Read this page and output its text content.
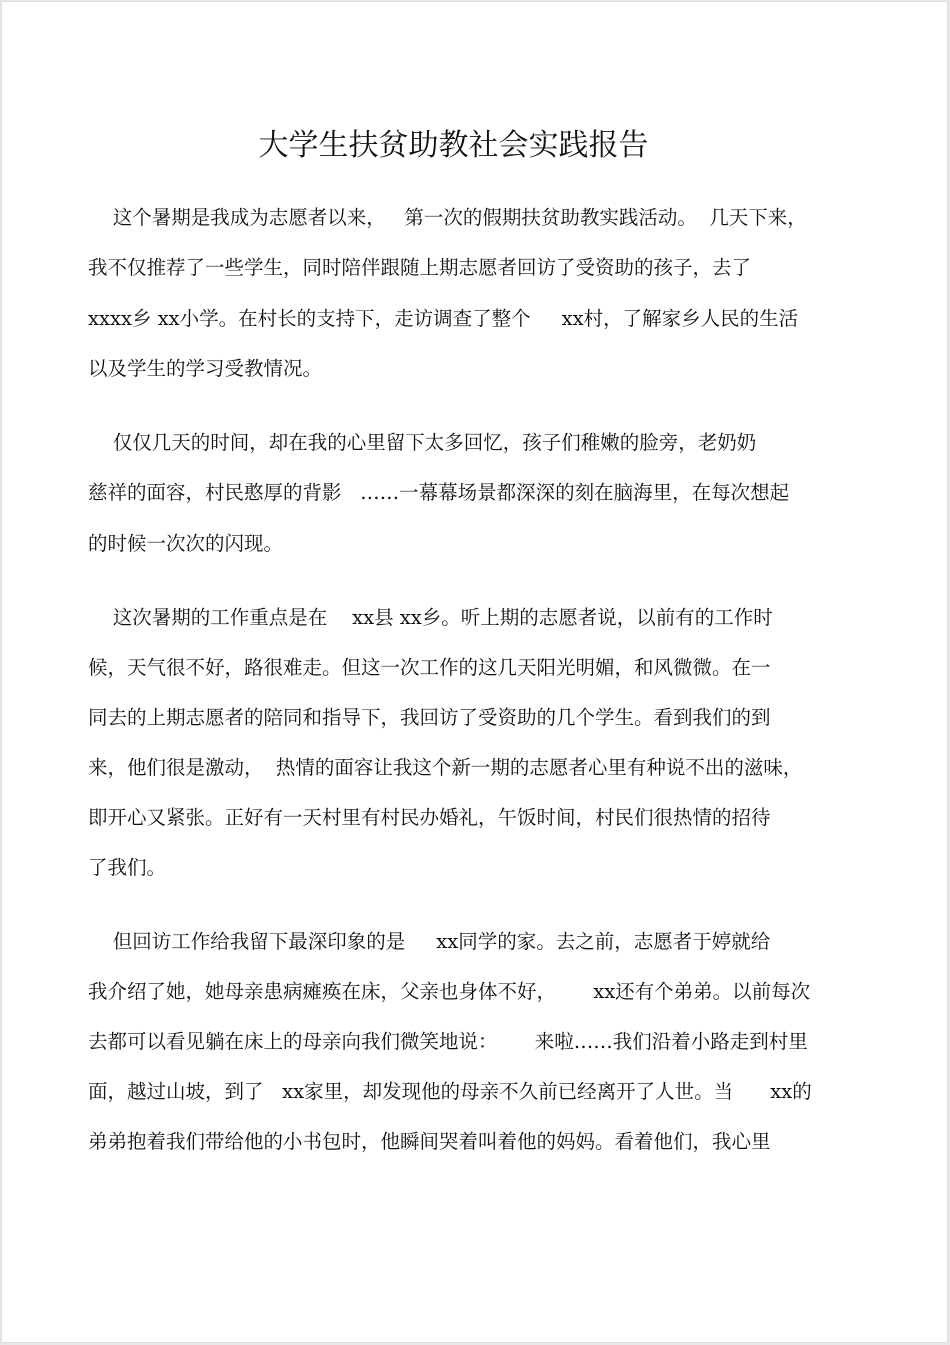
大学生扶贫助教社会实践报告

这个暑期是我成为志愿者以来，   第一次的假期扶贫助教实践活动。  几天下来，

我不仅推荐了一些学生，同时陪伴跟随上期志愿者回访了受资助的孩子，去了

xxxx乡 xx小学。在村长的支持下，走访调查了整个     xx村，了解家乡人民的生活

以及学生的学习受教情况。

仅仅几天的时间，却在我的心里留下太多回忆，孩子们稚嫩的脸旁，老奶奶

慈祥的面容，村民憨厚的背影   ……一幕幕场景都深深的刻在脑海里，在每次想起

的时候一次次的闪现。

这次暑期的工作重点是在    xx县 xx乡。听上期的志愿者说，以前有的工作时

候，天气很不好，路很难走。但这一次工作的这几天阳光明媚，和风微微。在一

同去的上期志愿者的陪同和指导下，我回访了受资助的几个学生。看到我们的到

来，他们很是激动，  热情的面容让我这个新一期的志愿者心里有种说不出的滋味，

即开心又紧张。正好有一天村里有村民办婚礼，午饭时间，村民们很热情的招待

了我们。

但回访工作给我留下最深印象的是     xx同学的家。去之前，志愿者于婷就给

我介绍了她，她母亲患病瘫痪在床，父亲也身体不好，      xx还有个弟弟。以前每次

去都可以看见躺在床上的母亲向我们微笑地说：      来啦……我们沿着小路走到村里

面，越过山坡，到了   xx家里，却发现他的母亲不久前已经离开了人世。当      xx的

弟弟抱着我们带给他的小书包时，他瞬间哭着叫着他的妈妈。看着他们，我心里
